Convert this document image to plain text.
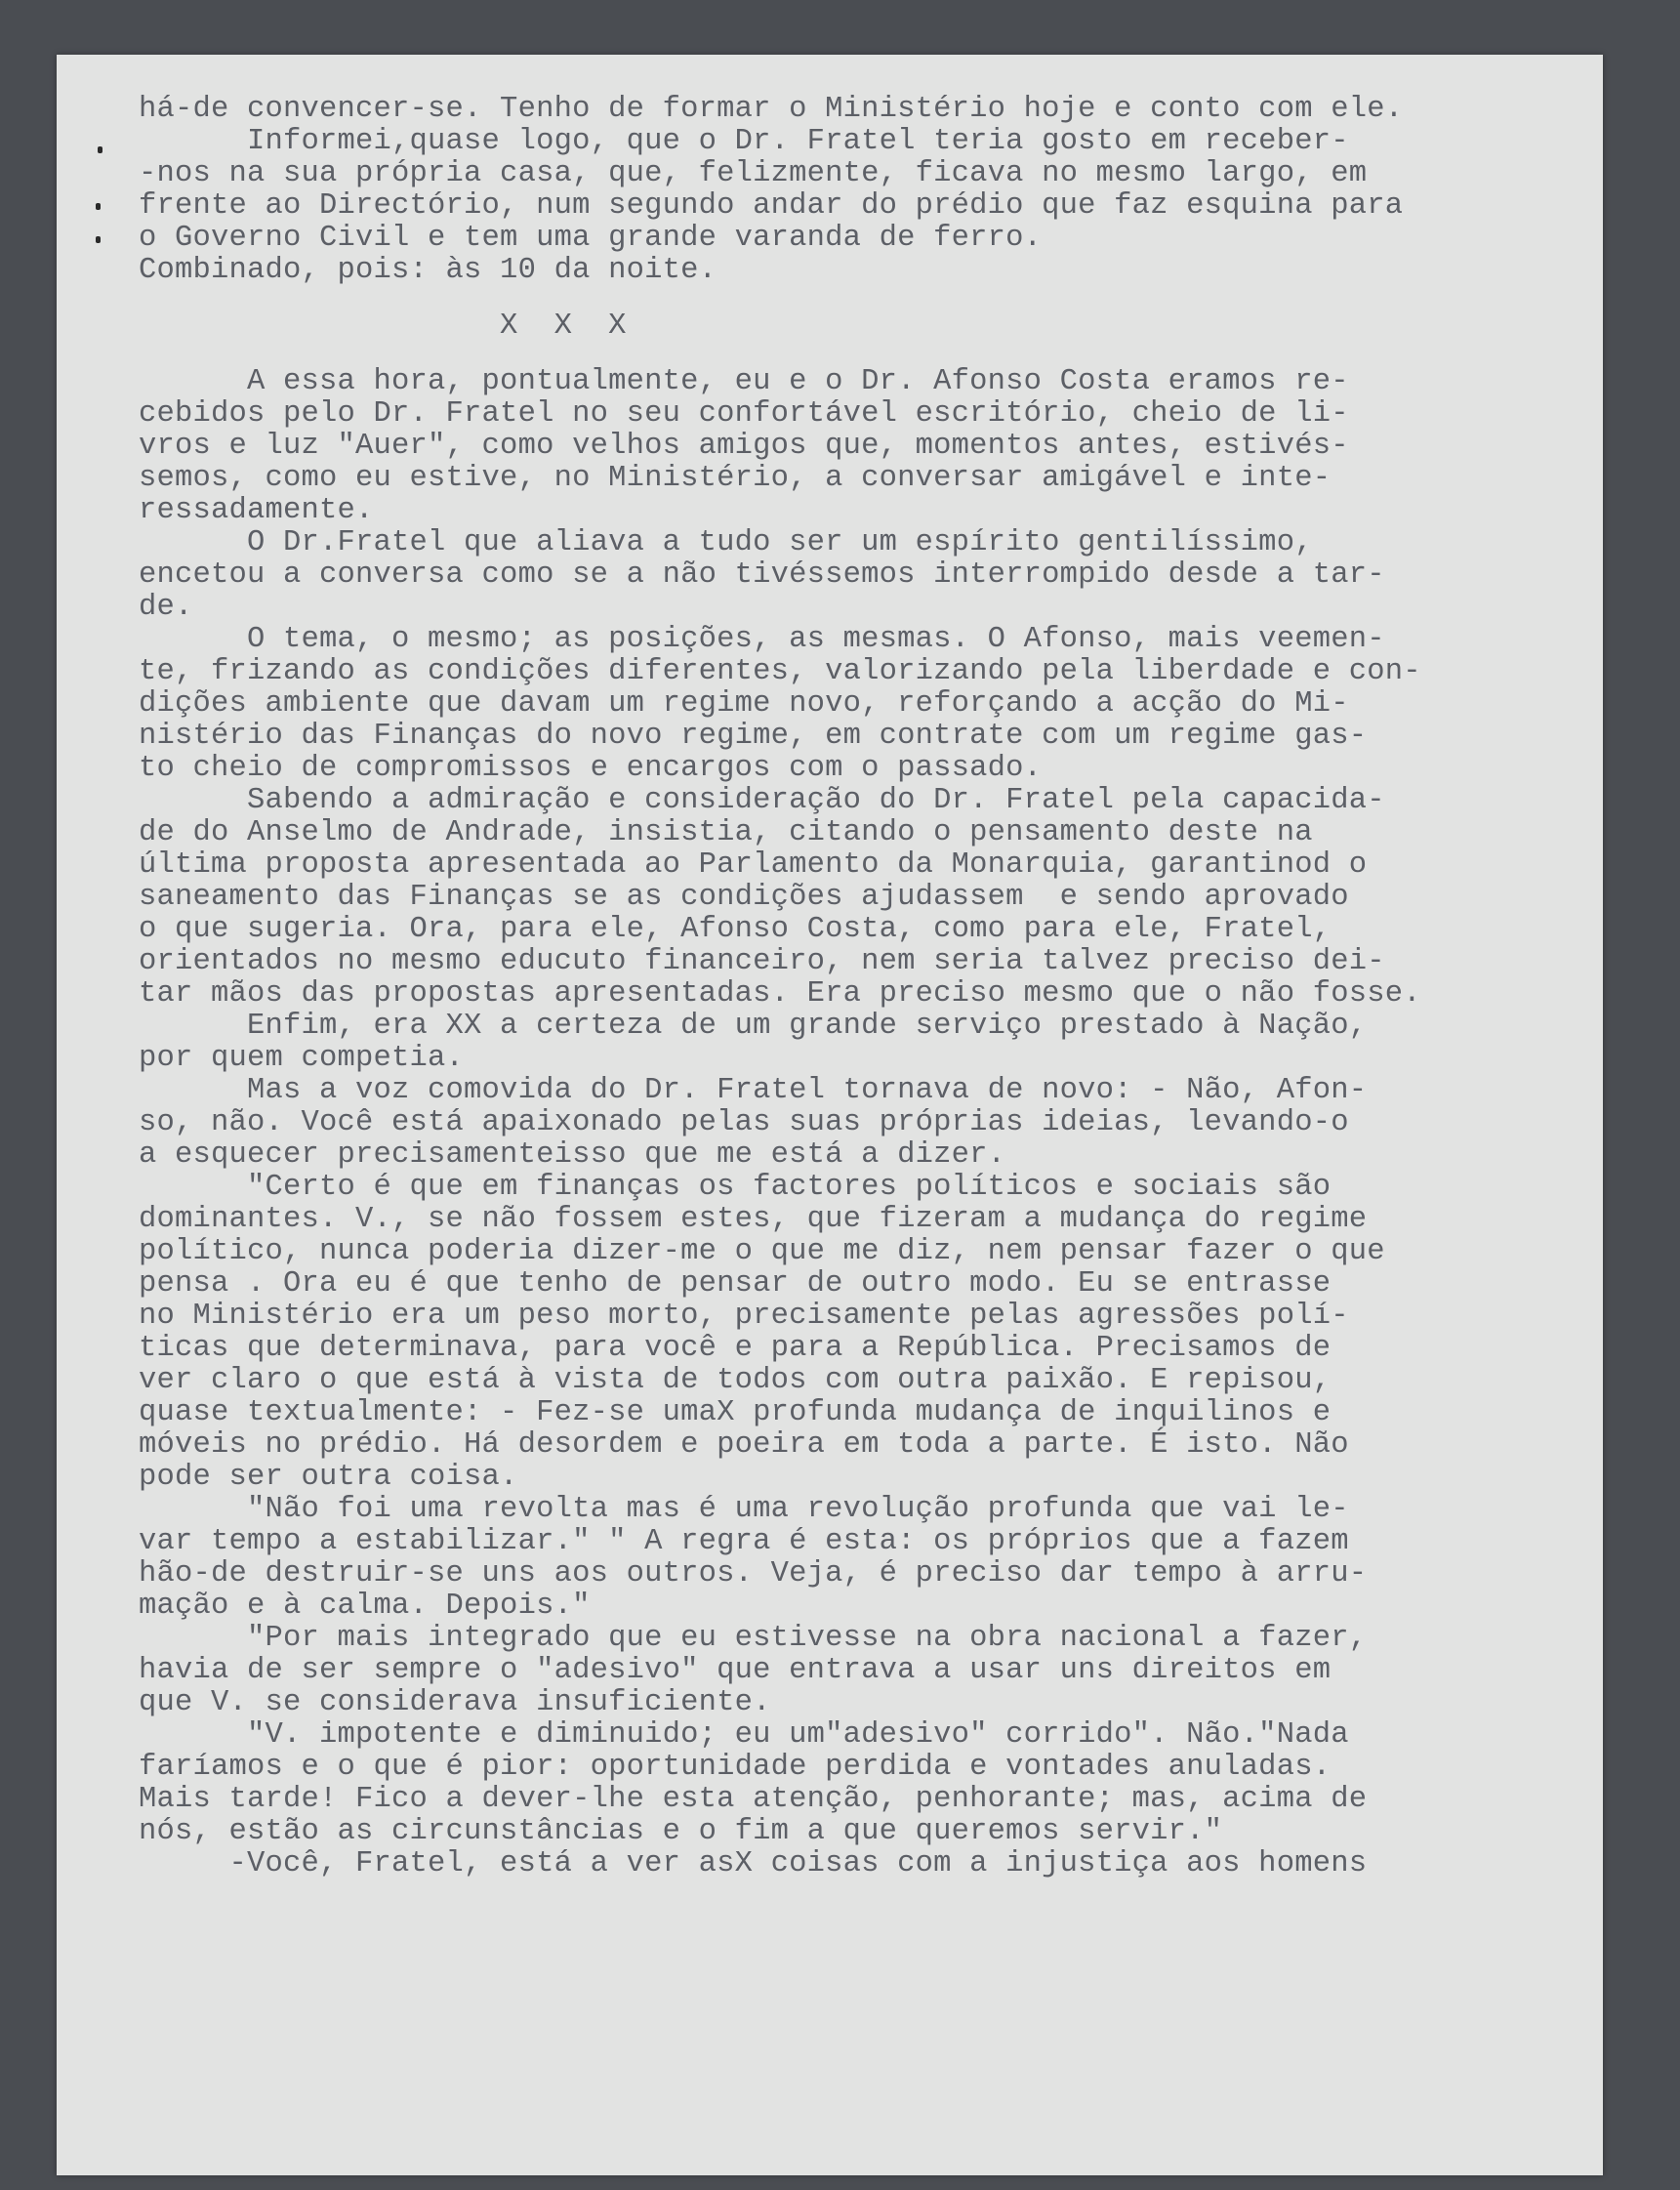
há-de convencer-se. Tenho de formar o Ministério hoje e conto com ele.
Informei,quase logo, que o Dr. Fratel teria gosto em receber-
-nos na sua própria casa, que, felizmente, ficava no mesmo largo, em
frente ao Directório, num segundo andar do prédio que faz esquina para
o Governo Civil e tem uma grande varanda de ferro.
Combinado, pois: às 10 da noite.
X  X  X
A essa hora, pontualmente, eu e o Dr. Afonso Costa eramos re-
cebidos pelo Dr. Fratel no seu confortável escritório, cheio de li-
vros e luz "Auer", como velhos amigos que, momentos antes, estivés-
semos, como eu estive, no Ministério, a conversar amigável e inte-
ressadamente.
O Dr.Fratel que aliava a tudo ser um espírito gentilíssimo,
encetou a conversa como se a não tivéssemos interrompido desde a tar-
de.
O tema, o mesmo; as posições, as mesmas. O Afonso, mais veemen-
te, frizando as condições diferentes, valorizando pela liberdade e con-
dições ambiente que davam um regime novo, reforçando a acção do Mi-
nistério das Finanças do novo regime, em contrate com um regime gas-
to cheio de compromissos e encargos com o passado.
Sabendo a admiração e consideração do Dr. Fratel pela capacida-
de do Anselmo de Andrade, insistia, citando o pensamento deste na
última proposta apresentada ao Parlamento da Monarquia, garantinod o
saneamento das Finanças se as condições ajudassem  e sendo aprovado
o que sugeria. Ora, para ele, Afonso Costa, como para ele, Fratel,
orientados no mesmo educuto financeiro, nem seria talvez preciso dei-
tar mãos das propostas apresentadas. Era preciso mesmo que o não fosse.
Enfim, era XX a certeza de um grande serviço prestado à Nação,
por quem competia.
Mas a voz comovida do Dr. Fratel tornava de novo: - Não, Afon-
so, não. Você está apaixonado pelas suas próprias ideias, levando-o
a esquecer precisamenteisso que me está a dizer.
"Certo é que em finanças os factores políticos e sociais são
dominantes. V., se não fossem estes, que fizeram a mudança do regime
político, nunca poderia dizer-me o que me diz, nem pensar fazer o que
pensa . Ora eu é que tenho de pensar de outro modo. Eu se entrasse
no Ministério era um peso morto, precisamente pelas agressões polí-
ticas que determinava, para você e para a República. Precisamos de
ver claro o que está à vista de todos com outra paixão. E repisou,
quase textualmente: - Fez-se umaX profunda mudança de inquilinos e
móveis no prédio. Há desordem e poeira em toda a parte. É isto. Não
pode ser outra coisa.
"Não foi uma revolta mas é uma revolução profunda que vai le-
var tempo a estabilizar." " A regra é esta: os próprios que a fazem
hão-de destruir-se uns aos outros. Veja, é preciso dar tempo à arru-
mação e à calma. Depois."
"Por mais integrado que eu estivesse na obra nacional a fazer,
havia de ser sempre o "adesivo" que entrava a usar uns direitos em
que V. se considerava insuficiente.
"V. impotente e diminuido; eu um"adesivo" corrido". Não."Nada
faríamos e o que é pior: oportunidade perdida e vontades anuladas.
Mais tarde! Fico a dever-lhe esta atenção, penhorante; mas, acima de
nós, estão as circunstâncias e o fim a que queremos servir."
-Você, Fratel, está a ver asX coisas com a injustiça aos homens
